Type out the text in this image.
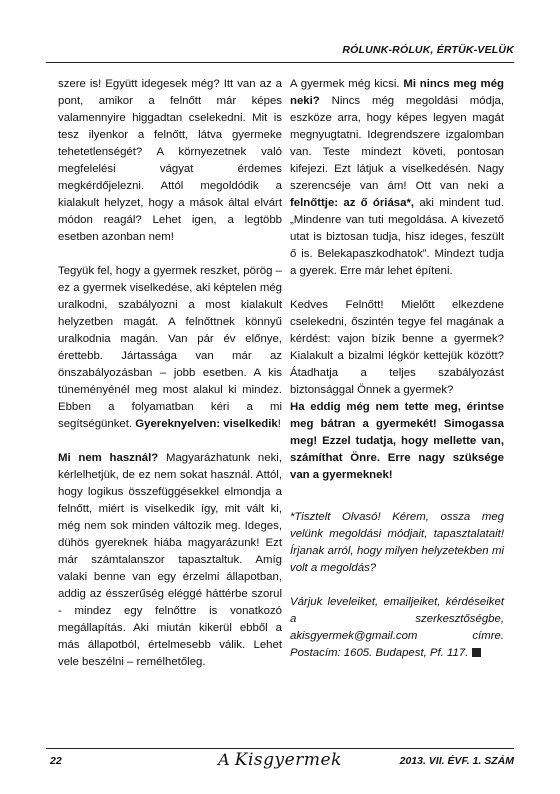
RÓLUNK-RÓLUK, ÉRTÜK-VELÜK

szere is! Együtt idegesek még? Itt van az a pont, amikor a felnőtt már képes valamennyire higgadtan cselekedni. Mit is tesz ilyenkor a felnőtt, látva gyermeke tehetetlenségét? A környezetnek való megfelelési vágyat érdemes megkérdőjelezni. Attól megoldódik a kialakult helyzet, hogy a mások által elvárt módon reagál? Lehet igen, a legtöbb esetben azonban nem!

Tegyük fel, hogy a gyermek reszket, pörög – ez a gyermek viselkedése, aki képtelen még uralkodni, szabályozni a most kialakult helyzetben magát. A felnőttnek könnyű uralkodnia magán. Van pár év előnye, érettebb. Jártassága van már az önszabályozásban – jobb esetben. A kis tüneményénél meg most alakul ki mindez. Ebben a folyamatban kéri a mi segítségünket. Gyereknyelven: viselkedik!

Mi nem használ? Magyarázhatunk neki, kérlelhetjük, de ez nem sokat használ. Attól, hogy logikus összefüggésekkel elmondja a felnőtt, miért is viselkedik így, mit vált ki, még nem sok minden változik meg. Ideges, dühös gyereknek hiába magyarázunk! Ezt már számtalanszor tapasztaltuk. Amíg valaki benne van egy érzelmi állapotban, addig az ésszerűség eléggé háttérbe szorul - mindez egy felnőttre is vonatkozó megállapítás. Aki miután kikerül ebből a más állapotból, értelmesebb válik. Lehet vele beszélni – remélhetőleg.

A gyermek még kicsi. Mi nincs meg még neki? Nincs még megoldási módja, eszköze arra, hogy képes legyen magát megnyugtatni. Idegrendszere izgalomban van. Teste mindezt követi, pontosan kifejezi. Ezt látjuk a viselkedésén. Nagy szerencséje van ám! Ott van neki a felnőttje: az ő óriása*, aki mindent tud. „Mindenre van tuti megoldása. A kivezető utat is biztosan tudja, hisz ideges, feszült ő is. Belekapaszkodhatok”. Mindezt tudja a gyerek. Erre már lehet építeni.

Kedves Felnőtt! Mielőtt elkezdene cselekedni, őszintén tegye fel magának a kérdést: vajon bízik benne a gyermek? Kialakult a bizalmi légkör kettejük között? Átadhatja a teljes szabályozást biztonsággal Önnek a gyermek?

Ha eddig még nem tette meg, érintse meg bátran a gyermekét! Simogassa meg! Ezzel tudatja, hogy mellette van, számíthat Önre. Erre nagy szüksége van a gyermeknek!

*Tisztelt Olvasó! Kérem, ossza meg velünk megoldási módjait, tapasztalatait! Írjanak arról, hogy milyen helyzetekben mi volt a megoldás?

Várjuk leveleiket, emailjeiket, kérdéseiket a szerkesztőségbe, akisgyermek@gmail.com címre. Postacím: 1605. Budapest, Pf. 117.

22	A Kisgyermek	2013. VII. ÉVF. 1. SZÁM
